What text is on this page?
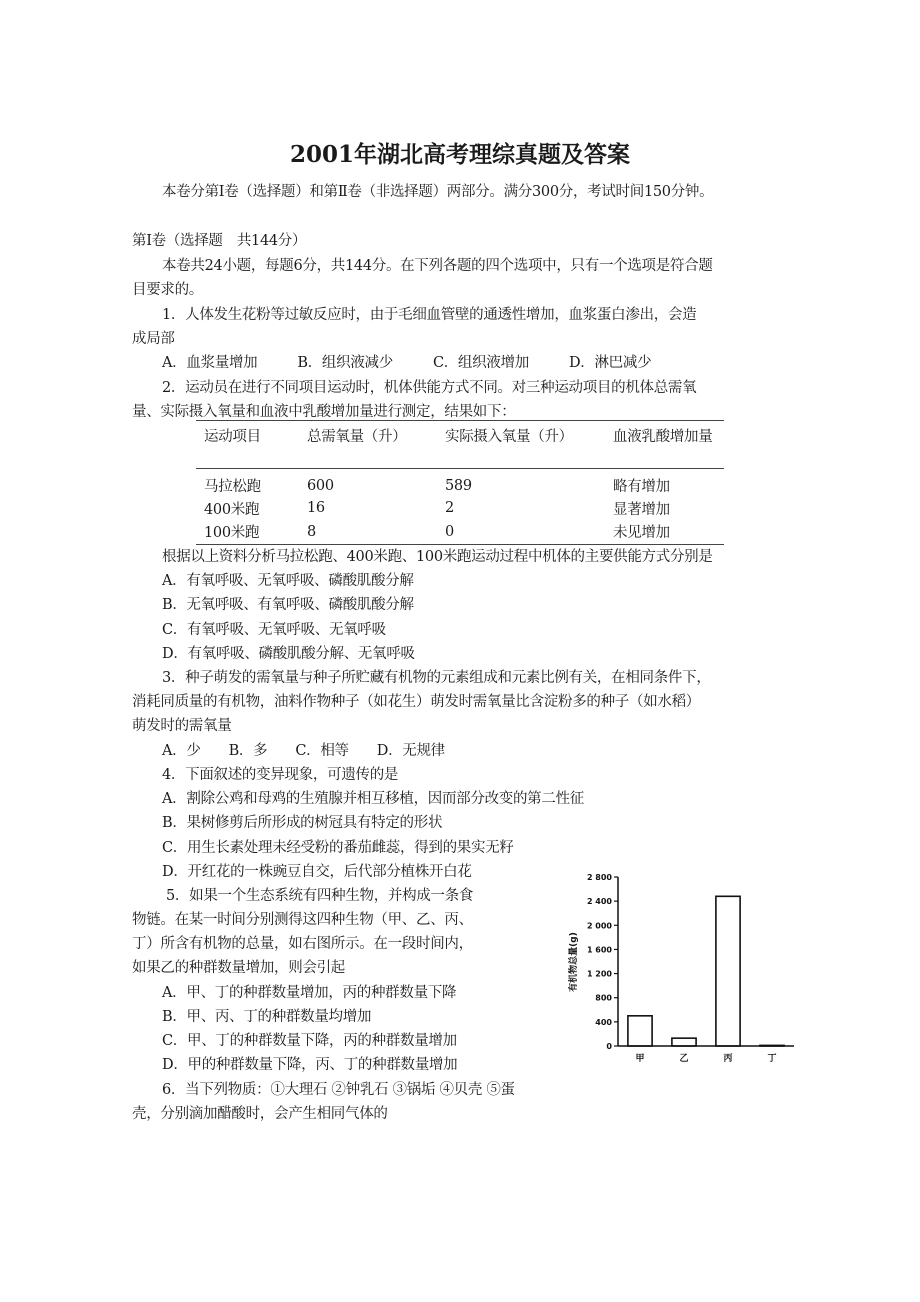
2001年湖北高考理综真题及答案
本卷分第Ⅰ卷（选择题）和第Ⅱ卷（非选择题）两部分。满分300分，考试时间150分钟。
第Ⅰ卷（选择题　共144分）
本卷共24小题，每题6分，共144分。在下列各题的四个选项中，只有一个选项是符合题
目要求的。
1．人体发生花粉等过敏反应时，由于毛细血管壁的通透性增加，血浆蛋白渗出，会造
成局部
A．血浆量增加	B．组织液减少	C．组织液增加	D．淋巴减少
2．运动员在进行不同项目运动时，机体供能方式不同。对三种运动项目的机体总需氧
量、实际摄入氧量和血液中乳酸增加量进行测定，结果如下：
运动项目	总需氧量（升）	实际摄入氧量（升）	血液乳酸增加量
马拉松跑	600	589	略有增加
400米跑	16	2	显著增加
100米跑	8	0	未见增加
根据以上资料分析马拉松跑、400米跑、100米跑运动过程中机体的主要供能方式分别是
A．有氧呼吸、无氧呼吸、磷酸肌酸分解
B．无氧呼吸、有氧呼吸、磷酸肌酸分解
C．有氧呼吸、无氧呼吸、无氧呼吸
D．有氧呼吸、磷酸肌酸分解、无氧呼吸
3．种子萌发的需氧量与种子所贮藏有机物的元素组成和元素比例有关，在相同条件下，
消耗同质量的有机物，油料作物种子（如花生）萌发时需氧量比含淀粉多的种子（如水稻）
萌发时的需氧量
A．少 B．多 C．相等 D．无规律
4．下面叙述的变异现象，可遗传的是
A．割除公鸡和母鸡的生殖腺并相互移植，因而部分改变的第二性征
B．果树修剪后所形成的树冠具有特定的形状
C．用生长素处理未经受粉的番茄雌蕊，得到的果实无籽
D．开红花的一株豌豆自交，后代部分植株开白花
5．如果一个生态系统有四种生物，并构成一条食
物链。在某一时间分别测得这四种生物（甲、乙、丙、
丁）所含有机物的总量，如右图所示。在一段时间内，
如果乙的种群数量增加，则会引起
A．甲、丁的种群数量增加，丙的种群数量下降
B．甲、丙、丁的种群数量均增加
C．甲、丁的种群数量下降，丙的种群数量增加
D．甲的种群数量下降，丙、丁的种群数量增加
6．当下列物质：①大理石 ②钟乳石 ③锅垢 ④贝壳 ⑤蛋
壳，分别滴加醋酸时，会产生相同气体的
有机物总量(g)
0
400
800
1 200
1 600
2 000
2 400
2 800
甲	乙	丙	丁
